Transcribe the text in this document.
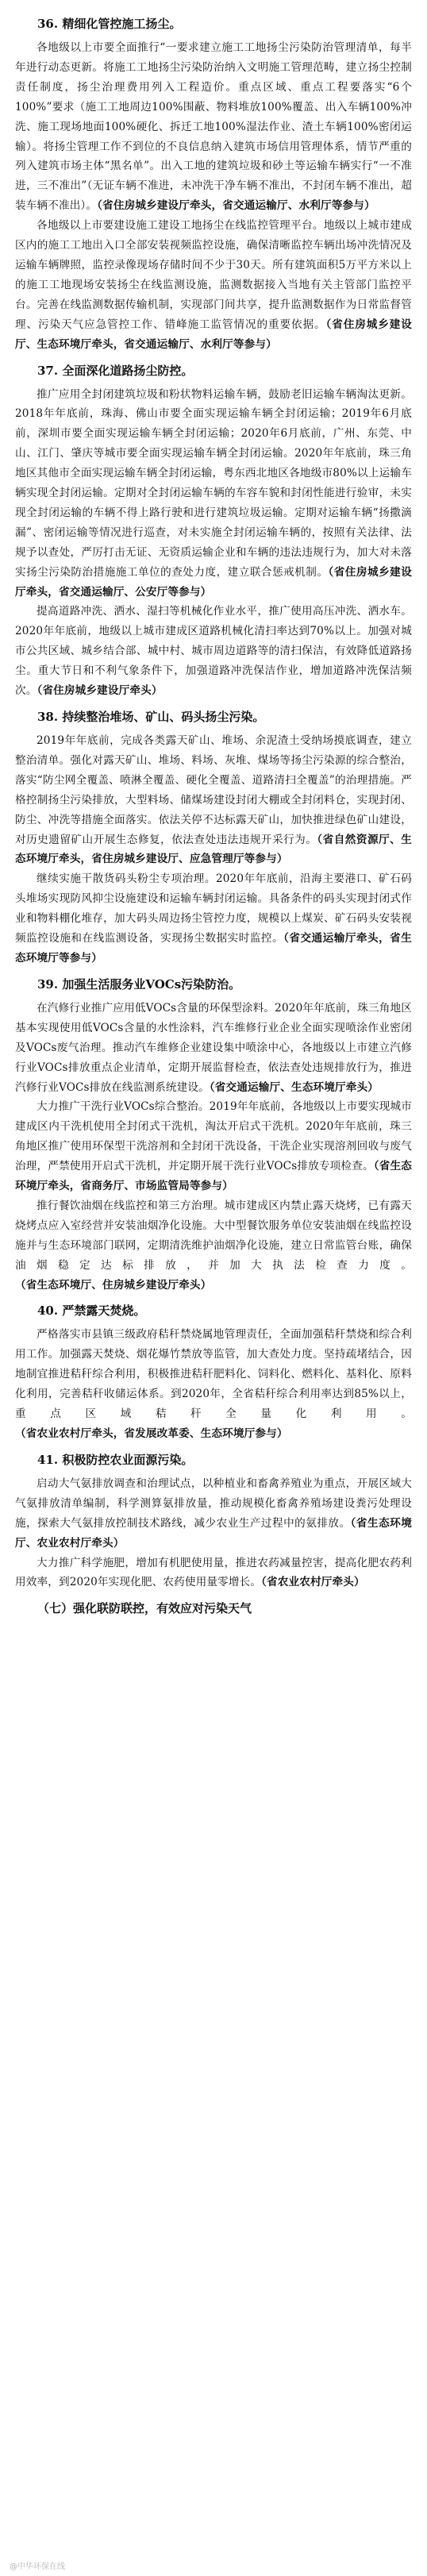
36. 精细化管控施工扬尘。

各地级以上市要全面推行“一要求建立施工工地扬尘污染防治管理清单，每半年进行动态更新。将施工工地扬尘污染防治纳入文明施工管理范畴，建立扬尘控制责任制度，扬尘治理费用列入工程造价。重点区域、重点工程要落实“6个100%”要求（施工工地周边100%围蔽、物料堆放100%覆盖、出入车辆100%冲洗、施工现场地面100%硬化、拆迁工地100%湿法作业、渣土车辆100%密闭运输）。将扬尘管理工作不到位的不良信息纳入建筑市场信用管理体系，情节严重的列入建筑市场主体“黑名单”。出入工地的建筑垃圾和砂土等运输车辆实行“一不准进，三不准出”（无证车辆不准进，未冲洗干净车辆不准出，不封闭车辆不准出，超装车辆不准出）。（省住房城乡建设厅牵头，省交通运输厅、水利厅等参与）

各地级以上市要建设施工建设工地扬尘在线监控管理平台。地级以上城市建成区内的施工工地出入口全部安装视频监控设施，确保清晰监控车辆出场冲洗情况及运输车辆牌照，监控录像现场存储时间不少于30天。所有建筑面积5万平方米以上的施工工地现场安装扬尘在线监测设施，监测数据接入当地有关主管部门监控平台。完善在线监测数据传输机制，实现部门间共享，提升监测数据作为日常监督管理、污染天气应急管控工作、错峰施工监管情况的重要依据。（省住房城乡建设厅、生态环境厅牵头，省交通运输厅、水利厅等参与）

37. 全面深化道路扬尘防控。

推广应用全封闭建筑垃圾和粉状物料运输车辆，鼓励老旧运输车辆淘汰更新。2018年年底前，珠海、佛山市要全面实现运输车辆全封闭运输；2019年6月底前，深圳市要全面实现运输车辆全封闭运输；2020年6月底前，广州、东莞、中山、江门、肇庆等城市要全面实现运输车辆全封闭运输。2020年年底前，珠三角地区其他市全面实现运输车辆全封闭运输，粤东西北地区各地级市80%以上运输车辆实现全封闭运输。定期对全封闭运输车辆的车容车貌和封闭性能进行验审，未实现全封闭运输的车辆不得上路行驶和进行建筑垃圾运输。定期对运输车辆“扬撒滴漏”、密闭运输等情况进行巡查，对未实施全封闭运输车辆的，按照有关法律、法规予以查处，严厉打击无证、无资质运输企业和车辆的违法违规行为，加大对未落实扬尘污染防治措施施工单位的查处力度，建立联合惩戒机制。（省住房城乡建设厅牵头，省交通运输厅、公安厅等参与）

提高道路冲洗、洒水、湿扫等机械化作业水平，推广使用高压冲洗、洒水车。2020年年底前，地级以上城市建成区道路机械化清扫率达到70%以上。加强对城市公共区域、城乡结合部、城中村、城市周边道路等的清扫保洁，有效降低道路扬尘。重大节日和不利气象条件下，加强道路冲洗保洁作业，增加道路冲洗保洁频次。（省住房城乡建设厅牵头）

38. 持续整治堆场、矿山、码头扬尘污染。

2019年年底前，完成各类露天矿山、堆场、余泥渣土受纳场摸底调查，建立整治清单。强化对露天矿山、堆场、料场、灰堆、煤场等扬尘污染源的综合整治，落实“防尘网全覆盖、喷淋全覆盖、硬化全覆盖、道路清扫全覆盖”的治理措施。严格控制扬尘污染排放，大型料场、储煤场建设封闭大棚或全封闭料仓，实现封闭、防尘、冲洗等措施全面落实。依法关停不达标露天矿山，加快推进绿色矿山建设，对历史遗留矿山开展生态修复，依法查处违法违规开采行为。（省自然资源厅、生态环境厅牵头，省住房城乡建设厅、应急管理厅等参与）

继续实施干散货码头粉尘专项治理。2020年年底前，沿海主要港口、矿石码头堆场实现防风抑尘设施建设和运输车辆封闭运输。具备条件的码头实现封闭式作业和物料棚化堆存，加大码头周边扬尘管控力度，规模以上煤炭、矿石码头安装视频监控设施和在线监测设备，实现扬尘数据实时监控。（省交通运输厅牵头，省生态环境厅等参与）

39. 加强生活服务业VOCs污染防治。

在汽修行业推广应用低VOCs含量的环保型涂料。2020年年底前，珠三角地区基本实现使用低VOCs含量的水性涂料，汽车维修行业企业全面实现喷涂作业密闭及VOCs废气治理。推动汽车维修企业建设集中喷涂中心，各地级以上市建立汽修行业VOCs排放重点企业清单，定期开展监督检查，依法查处违规排放行为，推进汽修行业VOCs排放在线监测系统建设。（省交通运输厅、生态环境厅牵头）

大力推广干洗行业VOCs综合整治。2019年年底前，各地级以上市要实现城市建成区内干洗机使用全封闭式干洗机，淘汰开启式干洗机。2020年年底前，珠三角地区推广使用环保型干洗溶剂和全封闭干洗设备，干洗企业实现溶剂回收与废气治理，严禁使用开启式干洗机，并定期开展干洗行业VOCs排放专项检查。（省生态环境厅牵头，省商务厅、市场监管局等参与）

推行餐饮油烟在线监控和第三方治理。城市建成区内禁止露天烧烤，已有露天烧烤点应入室经营并安装油烟净化设施。大中型餐饮服务单位安装油烟在线监控设施并与生态环境部门联网，定期清洗维护油烟净化设施，建立日常监管台账，确保油烟稳定达标排放，并加大执法检查力度。（省生态环境厅、住房城乡建设厅牵头）

40. 严禁露天焚烧。

严格落实市县镇三级政府秸秆禁烧属地管理责任，全面加强秸秆禁烧和综合利用工作。加强露天焚烧、烟花爆竹禁放等监管，加大查处力度。坚持疏堵结合，因地制宜推进秸秆综合利用，积极推进秸秆肥料化、饲料化、燃料化、基料化、原料化利用，完善秸秆收储运体系。到2020年，全省秸秆综合利用率达到85%以上，重点区域秸秆全量化利用。（省农业农村厅牵头，省发展改革委、生态环境厅参与）

41. 积极防控农业面源污染。

启动大气氨排放调查和治理试点，以种植业和畜禽养殖业为重点，开展区域大气氨排放清单编制，科学测算氨排放量，推动规模化畜禽养殖场建设粪污处理设施，探索大气氨排放控制技术路线，减少农业生产过程中的氨排放。（省生态环境厅、农业农村厅牵头）

大力推广科学施肥，增加有机肥使用量，推进农药减量控害，提高化肥农药利用效率，到2020年实现化肥、农药使用量零增长。（省农业农村厅牵头）

（七）强化联防联控，有效应对污染天气
@中华环保在线
